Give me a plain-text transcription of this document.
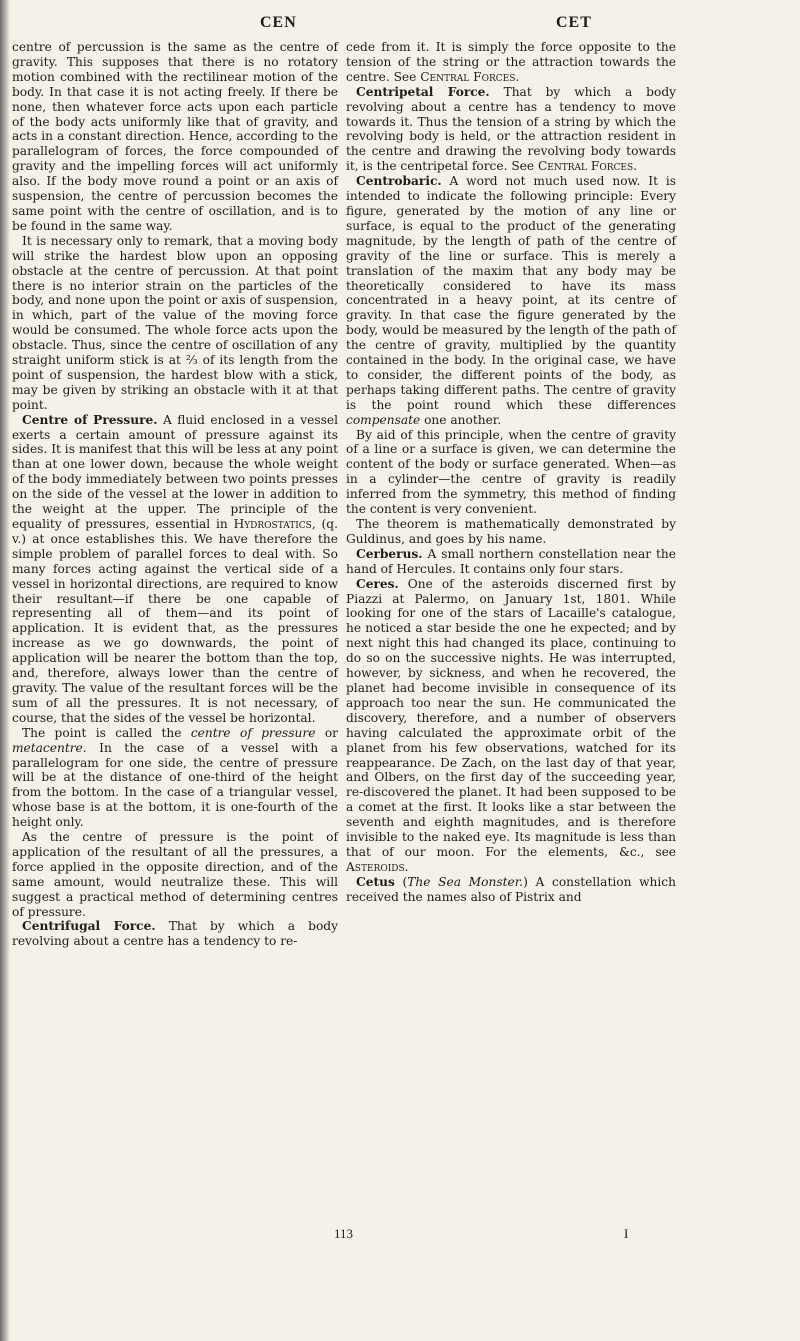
CEN	CET

centre of percussion is the same as the centre of gravity. This supposes that there is no rotatory motion combined with the rectilinear motion of the body. In that case it is not acting freely. If there be none, then whatever force acts upon each particle of the body acts uniformly like that of gravity, and acts in a constant direction. Hence, according to the parallelogram of forces, the force compounded of gravity and the impelling forces will act uniformly also. If the body move round a point or an axis of suspension, the centre of percussion becomes the same point with the centre of oscillation, and is to be found in the same way.

It is necessary only to remark, that a moving body will strike the hardest blow upon an opposing obstacle at the centre of percussion. At that point there is no interior strain on the particles of the body, and none upon the point or axis of suspension, in which, part of the value of the moving force would be consumed. The whole force acts upon the obstacle. Thus, since the centre of oscillation of any straight uniform stick is at ⅔ of its length from the point of suspension, the hardest blow with a stick, may be given by striking an obstacle with it at that point.

Centre of Pressure. A fluid enclosed in a vessel exerts a certain amount of pressure against its sides. It is manifest that this will be less at any point than at one lower down, because the whole weight of the body immediately between two points presses on the side of the vessel at the lower in addition to the weight at the upper. The principle of the equality of pressures, essential in Hydrostatics, (q. v.) at once establishes this. We have therefore the simple problem of parallel forces to deal with. So many forces acting against the vertical side of a vessel in horizontal directions, are required to know their resultant—if there be one capable of representing all of them—and its point of application. It is evident that, as the pressures increase as we go downwards, the point of application will be nearer the bottom than the top, and, therefore, always lower than the centre of gravity. The value of the resultant forces will be the sum of all the pressures. It is not necessary, of course, that the sides of the vessel be horizontal.

The point is called the centre of pressure or metacentre. In the case of a vessel with a parallelogram for one side, the centre of pressure will be at the distance of one-third of the height from the bottom. In the case of a triangular vessel, whose base is at the bottom, it is one-fourth of the height only.

As the centre of pressure is the point of application of the resultant of all the pressures, a force applied in the opposite direction, and of the same amount, would neutralize these. This will suggest a practical method of determining centres of pressure.

Centrifugal Force. That by which a body revolving about a centre has a tendency to re-

cede from it. It is simply the force opposite to the tension of the string or the attraction towards the centre. See Central Forces.

Centripetal Force. That by which a body revolving about a centre has a tendency to move towards it. Thus the tension of a string by which the revolving body is held, or the attraction resident in the centre and drawing the revolving body towards it, is the centripetal force. See Central Forces.

Centrobaric. A word not much used now. It is intended to indicate the following principle: Every figure, generated by the motion of any line or surface, is equal to the product of the generating magnitude, by the length of path of the centre of gravity of the line or surface. This is merely a translation of the maxim that any body may be theoretically considered to have its mass concentrated in a heavy point, at its centre of gravity. In that case the figure generated by the body, would be measured by the length of the path of the centre of gravity, multiplied by the quantity contained in the body. In the original case, we have to consider, the different points of the body, as perhaps taking different paths. The centre of gravity is the point round which these differences compensate one another.

By aid of this principle, when the centre of gravity of a line or a surface is given, we can determine the content of the body or surface generated. When—as in a cylinder—the centre of gravity is readily inferred from the symmetry, this method of finding the content is very convenient.

The theorem is mathematically demonstrated by Guldinus, and goes by his name.

Cerberus. A small northern constellation near the hand of Hercules. It contains only four stars.

Ceres. One of the asteroids discerned first by Piazzi at Palermo, on January 1st, 1801. While looking for one of the stars of Lacaille's catalogue, he noticed a star beside the one he expected; and by next night this had changed its place, continuing to do so on the successive nights. He was interrupted, however, by sickness, and when he recovered, the planet had become invisible in consequence of its approach too near the sun. He communicated the discovery, therefore, and a number of observers having calculated the approximate orbit of the planet from his few observations, watched for its reappearance. De Zach, on the last day of that year, and Olbers, on the first day of the succeeding year, re-discovered the planet. It had been supposed to be a comet at the first. It looks like a star between the seventh and eighth magnitudes, and is therefore invisible to the naked eye. Its magnitude is less than that of our moon. For the elements, &c., see Asteroids.

Cetus (The Sea Monster.) A constellation which received the names also of Pistrix and

113	I
